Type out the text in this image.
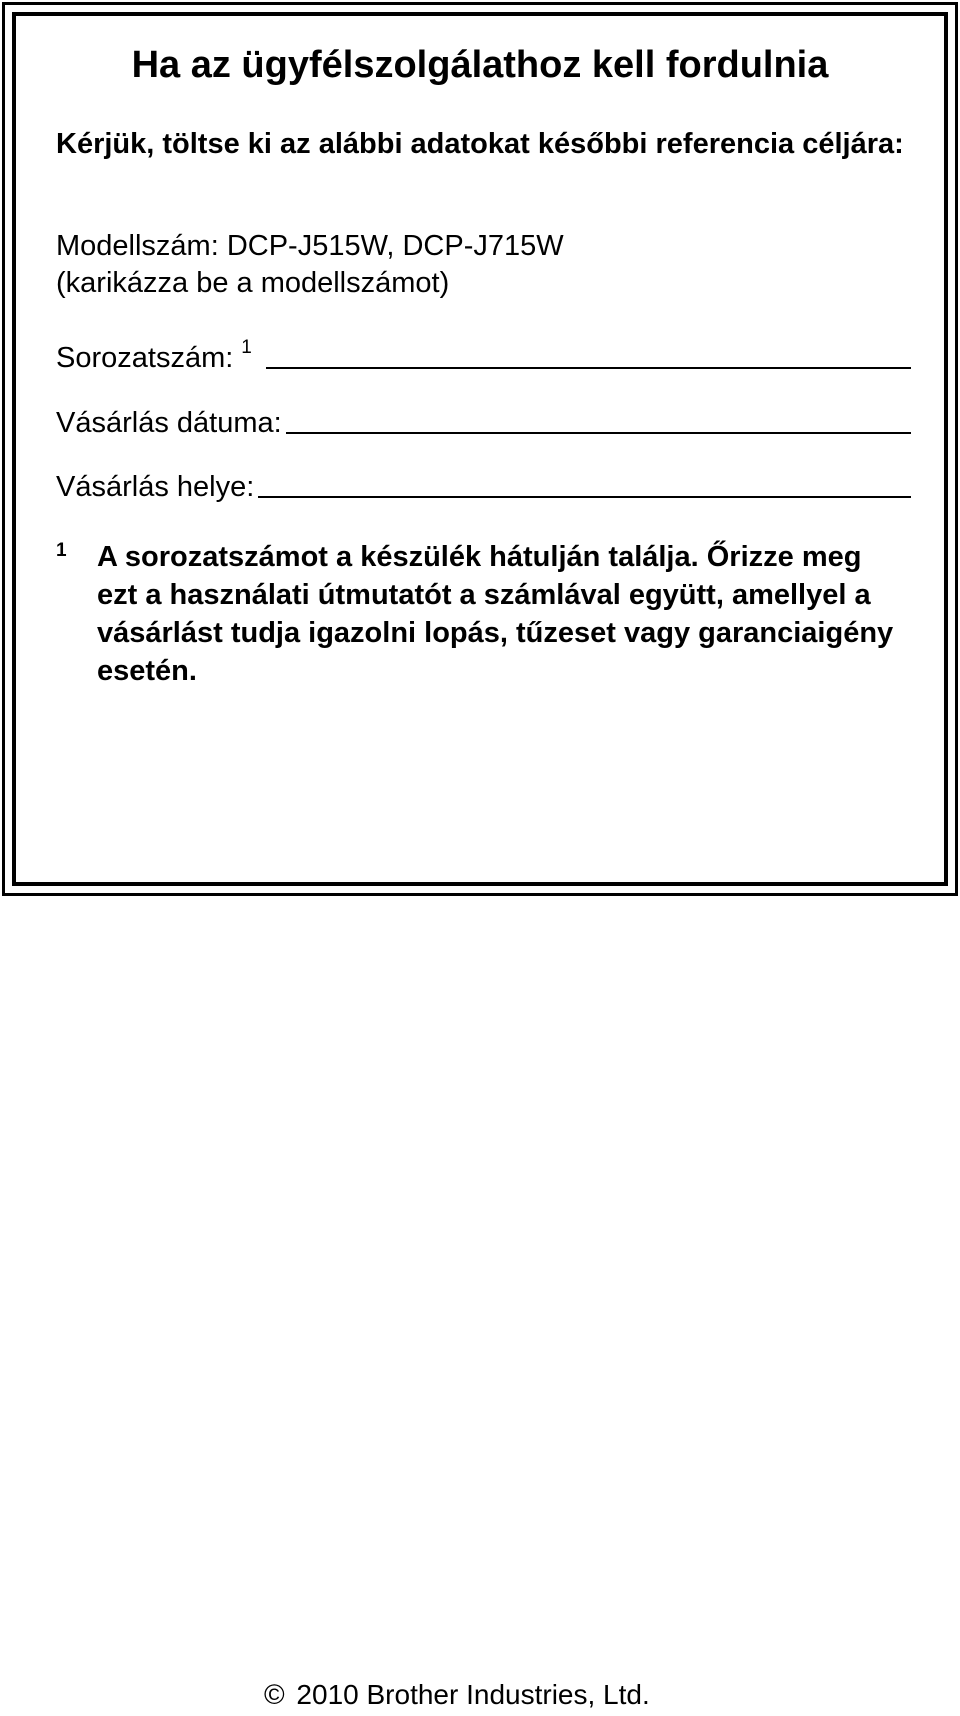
Ha az ügyfélszolgálathoz kell fordulnia

Kérjük, töltse ki az alábbi adatokat későbbi referencia céljára:

Modellszám: DCP-J515W, DCP-J715W
(karikázza be a modellszámot)

Sorozatszám: $^1$
Vásárlás dátuma:
Vásárlás helye:
1 A sorozatszámot a készülék hátulján találja. Őrizze meg ezt a használati útmutatót a számlával együtt, amellyel a vásárlást tudja igazolni lopás, tűzeset vagy garanciaigény esetén.
© 2010 Brother Industries, Ltd.
